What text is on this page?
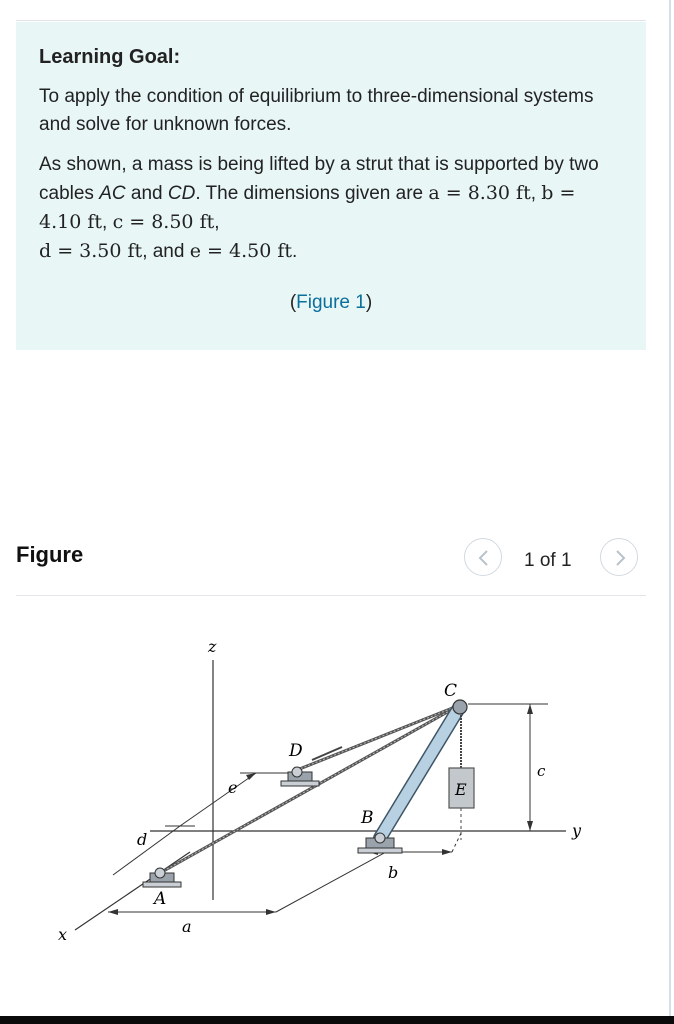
Learning Goal:

To apply the condition of equilibrium to three-dimensional systems and solve for unknown forces.

As shown, a mass is being lifted by a strut that is supported by two cables AC and CD. The dimensions given are a = 8.30 ft, b = 4.10 ft, c = 8.50 ft,
d = 3.50 ft, and e = 4.50 ft.

(Figure 1)
Figure	1 of 1
z
x
y
a
e
d
b
c
E
C
B
D
A
